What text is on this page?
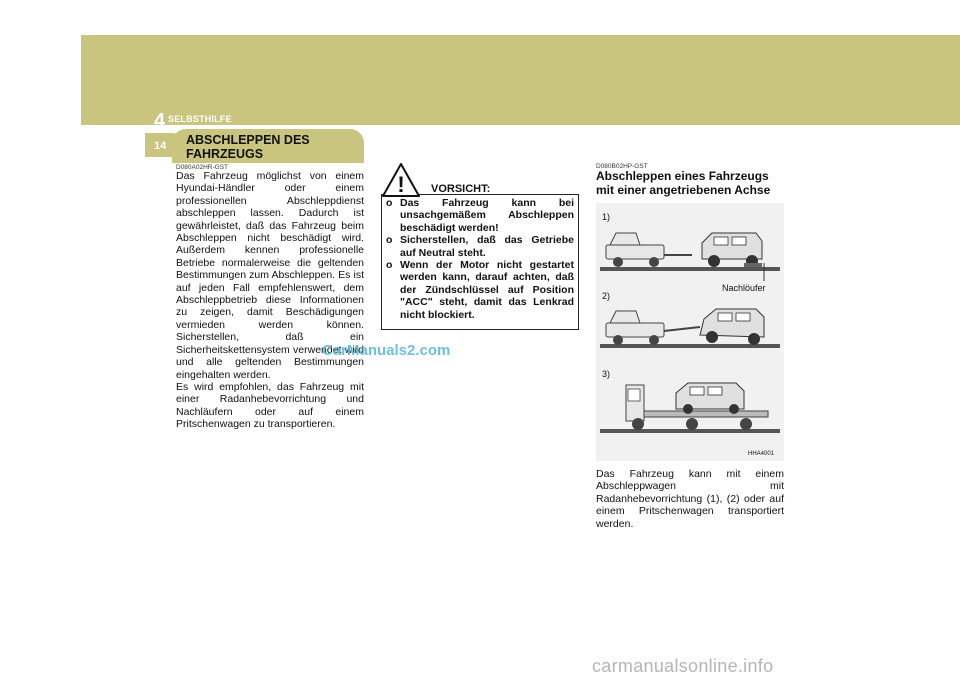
4 SELBSTHILFE
14 ABSCHLEPPEN DES FAHRZEUGS
D080A02HR-GST

Das Fahrzeug möglichst von einem Hyundai-Händler oder einem professionellen Abschleppdienst abschleppen lassen. Dadurch ist gewährleistet, daß das Fahrzeug beim Abschleppen nicht beschädigt wird. Außerdem kennen professionelle Betriebe normalerweise die geltenden Bestimmungen zum Abschleppen. Es ist auf jeden Fall empfehlenswert, dem Abschleppbetrieb diese Informationen zu zeigen, damit Beschädigungen vermieden werden können. Sicherstellen, daß ein Sicherheitskettensystem verwendet wird und alle geltenden Bestimmungen eingehalten werden.

Es wird empfohlen, das Fahrzeug mit einer Radanhebevorrichtung und Nachläufern oder auf einem Pritschenwagen zu transportieren.

! VORSICHT:
o Das Fahrzeug kann bei unsachgemäßem Abschleppen beschädigt werden!
o Sicherstellen, daß das Getriebe auf Neutral steht.
o Wenn der Motor nicht gestartet werden kann, darauf achten, daß der Zündschlüssel auf Position "ACC" steht, damit das Lenkrad nicht blockiert.
CarManuals2.com
D080B02HP-GST
Abschleppen eines Fahrzeugs mit einer angetriebenen Achse
1)
2)
3)
Nachlöufer
HHA4001
Das Fahrzeug kann mit einem Abschleppwagen mit Radanhebevorrichtung (1), (2) oder auf einem Pritschenwagen transportiert werden.
carmanualsonline.info
